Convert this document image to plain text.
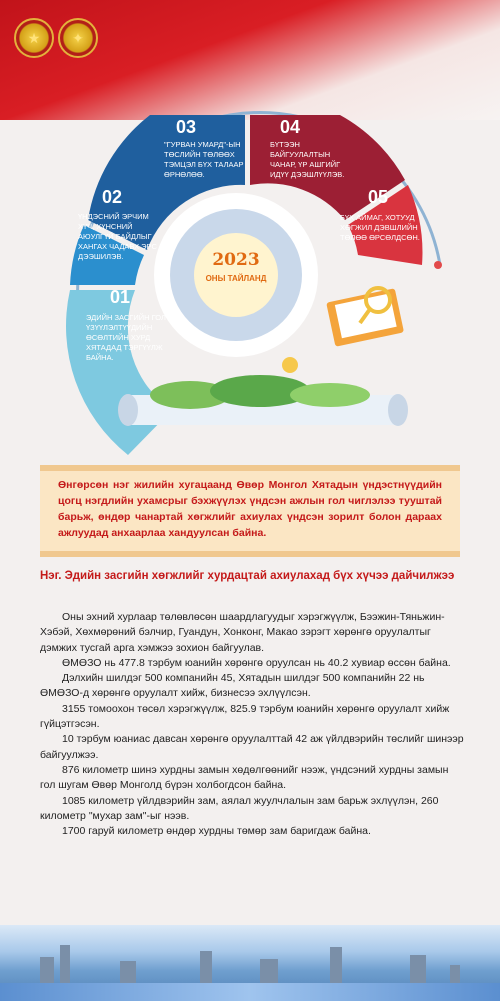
★ ✦
01
ЭДИЙН ЗАСГИЙН ГОЛ
ҮЗҮҮЛЭЛТҮҮДИЙН
ӨСӨЛТИЙН ХУРД
ХЯТАДАД ТЭРГҮҮЛЖ
БАЙНА.
02
ҮНДЭСНИЙ ЭРЧИМ
ХҮЧ, ХҮНСНИЙ
АЮУЛГҮЙ БАЙДЛЫГ
ХАНГАХ ЧАДАВХ ЭРС
ДЭЭШИЛЭВ.
03
"ГУРВАН УМАРД"-ЫН
ТӨСЛИЙН ТӨЛӨӨХ
ТЭМЦЭЛ БҮХ ТАЛААР
ӨРНӨЛӨӨ.
04
БҮТЭЭН
БАЙГУУЛАЛТЫН
ЧАНАР, ҮР АШГИЙГ
ИДҮҮ ДЭЭШЛҮҮЛЭВ.
05
БҮХ АЙМАГ, ХОТУУД
ХӨГЖИЛ ДЭВШЛИЙН
ТӨЛӨӨ ӨРСӨЛДСӨН.
2023
ОНЫ ТАЙЛАНД

Өнгөрсөн нэг жилийн хугацаанд Өвөр Монгол Хятадын үндэстнүүдийн цогц нэгдлийн ухамсрыг бэхжүүлэх үндсэн ажлын гол чиглэлээ тууштай барьж, өндөр чанартай хөгжлийг ахиулах үндсэн зорилт болон дараах ажлуудад анхаарлаа хандуулсан байна.

Нэг. Эдийн засгийн хөгжлийг хурдацтай ахиулахад бүх хүчээ дайчилжээ

Оны эхний хурлаар төлөвлөсөн шаардлагуудыг хэрэгжүүлж, Бээжин-Тяньжин-Хэбэй, Хөхмөрөний бэлчир, Гуандун, Хонконг, Макао зэрэгт хөрөнгө оруулалтыг дэмжих тусгай арга хэмжээ зохион байгуулав.

ӨМӨЗО нь 477.8 тэрбум юанийн хөрөнгө оруулсан нь 40.2 хувиар өссөн байна.

Дэлхийн шилдэг 500 компанийн 45, Хятадын шилдэг 500 компанийн 22 нь ӨМӨЗО-д хөрөнгө оруулалт хийж, бизнесээ эхлүүлсэн.

3155 томоохон төсөл хэрэгжүүлж, 825.9 тэрбум юанийн хөрөнгө оруулалт хийж гүйцэтгэсэн.

10 тэрбум юаниас давсан хөрөнгө оруулалттай 42 аж үйлдвэрийн төслийг шинээр байгуулжээ.

876 километр шинэ хурдны замын хөдөлгөөнийг нээж, үндсэний хурдны замын гол шугам Өвөр Монголд бүрэн холбогдсон байна.

1085 километр үйлдвэрийн зам, аялал жуулчлалын зам барьж эхлүүлэн, 260 километр "мухар зам"-ыг нээв.

1700 гаруй километр өндөр хурдны төмөр зам баригдаж байна.
